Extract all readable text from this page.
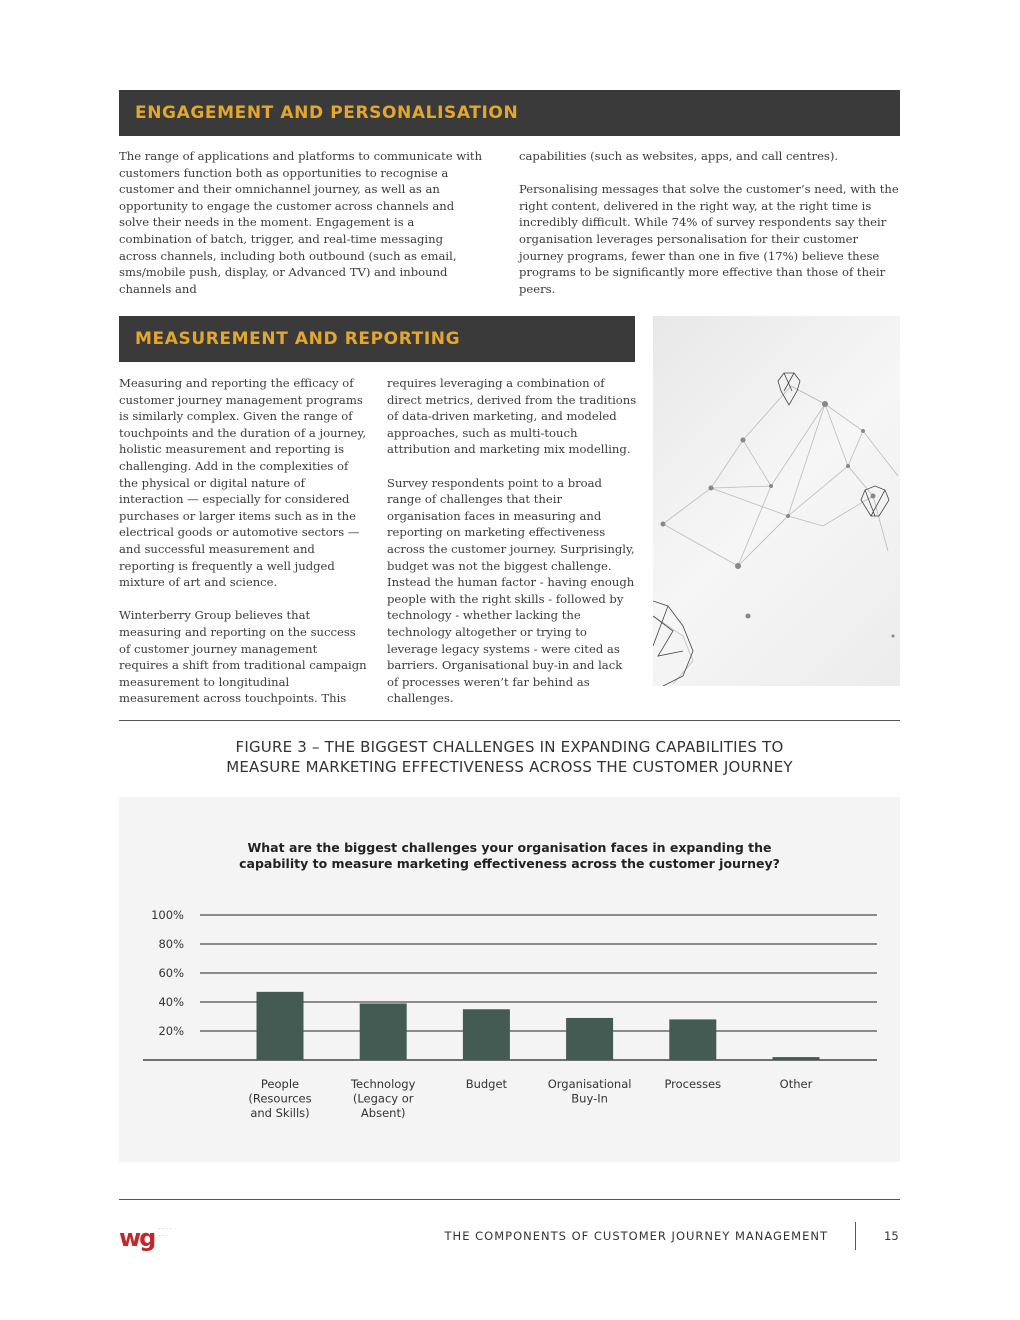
ENGAGEMENT AND PERSONALISATION

The range of applications and platforms to communicate with customers function both as opportunities to recognise a customer and their omnichannel journey, as well as an opportunity to engage the customer across channels and solve their needs in the moment. Engagement is a combination of batch, trigger, and real-time messaging across channels, including both outbound (such as email, sms/mobile push, display, or Advanced TV) and inbound channels and

capabilities (such as websites, apps, and call centres).

Personalising messages that solve the customer’s need, with the right content, delivered in the right way, at the right time is incredibly difficult. While 74% of survey respondents say their organisation leverages personalisation for their customer journey programs, fewer than one in five (17%) believe these programs to be significantly more effective than those of their peers.

MEASUREMENT AND REPORTING

Measuring and reporting the efficacy of customer journey management programs is similarly complex. Given the range of touchpoints and the duration of a journey, holistic measurement and reporting is challenging. Add in the complexities of the physical or digital nature of interaction — especially for considered purchases or larger items such as in the electrical goods or automotive sectors — and successful measurement and reporting is frequently a well judged mixture of art and science.

Winterberry Group believes that measuring and reporting on the success of customer journey management requires a shift from traditional campaign measurement to longitudinal measurement across touchpoints. This

requires leveraging a combination of direct metrics, derived from the traditions of data-driven marketing, and modeled approaches, such as multi-touch attribution and marketing mix modelling.

Survey respondents point to a broad range of challenges that their organisation faces in measuring and reporting on marketing effectiveness across the customer journey. Surprisingly, budget was not the biggest challenge. Instead the human factor - having enough people with the right skills - followed by technology - whether lacking the technology altogether or trying to leverage legacy systems - were cited as barriers. Organisational buy-in and lack of processes weren’t far behind as challenges.

FIGURE 3 – THE BIGGEST CHALLENGES IN EXPANDING CAPABILITIES TO
MEASURE MARKETING EFFECTIVENESS ACROSS THE CUSTOMER JOURNEY
What are the biggest challenges your organisation faces in expanding the
capability to measure marketing effectiveness across the customer journey?
20%
40%
60%
80%
100%
People (Resources and Skills)
Technology (Legacy or Absent)
Budget	Organisational Buy-In
Processes	Other
wg · · · ·
· · ·	THE COMPONENTS OF CUSTOMER JOURNEY MANAGEMENT	15
